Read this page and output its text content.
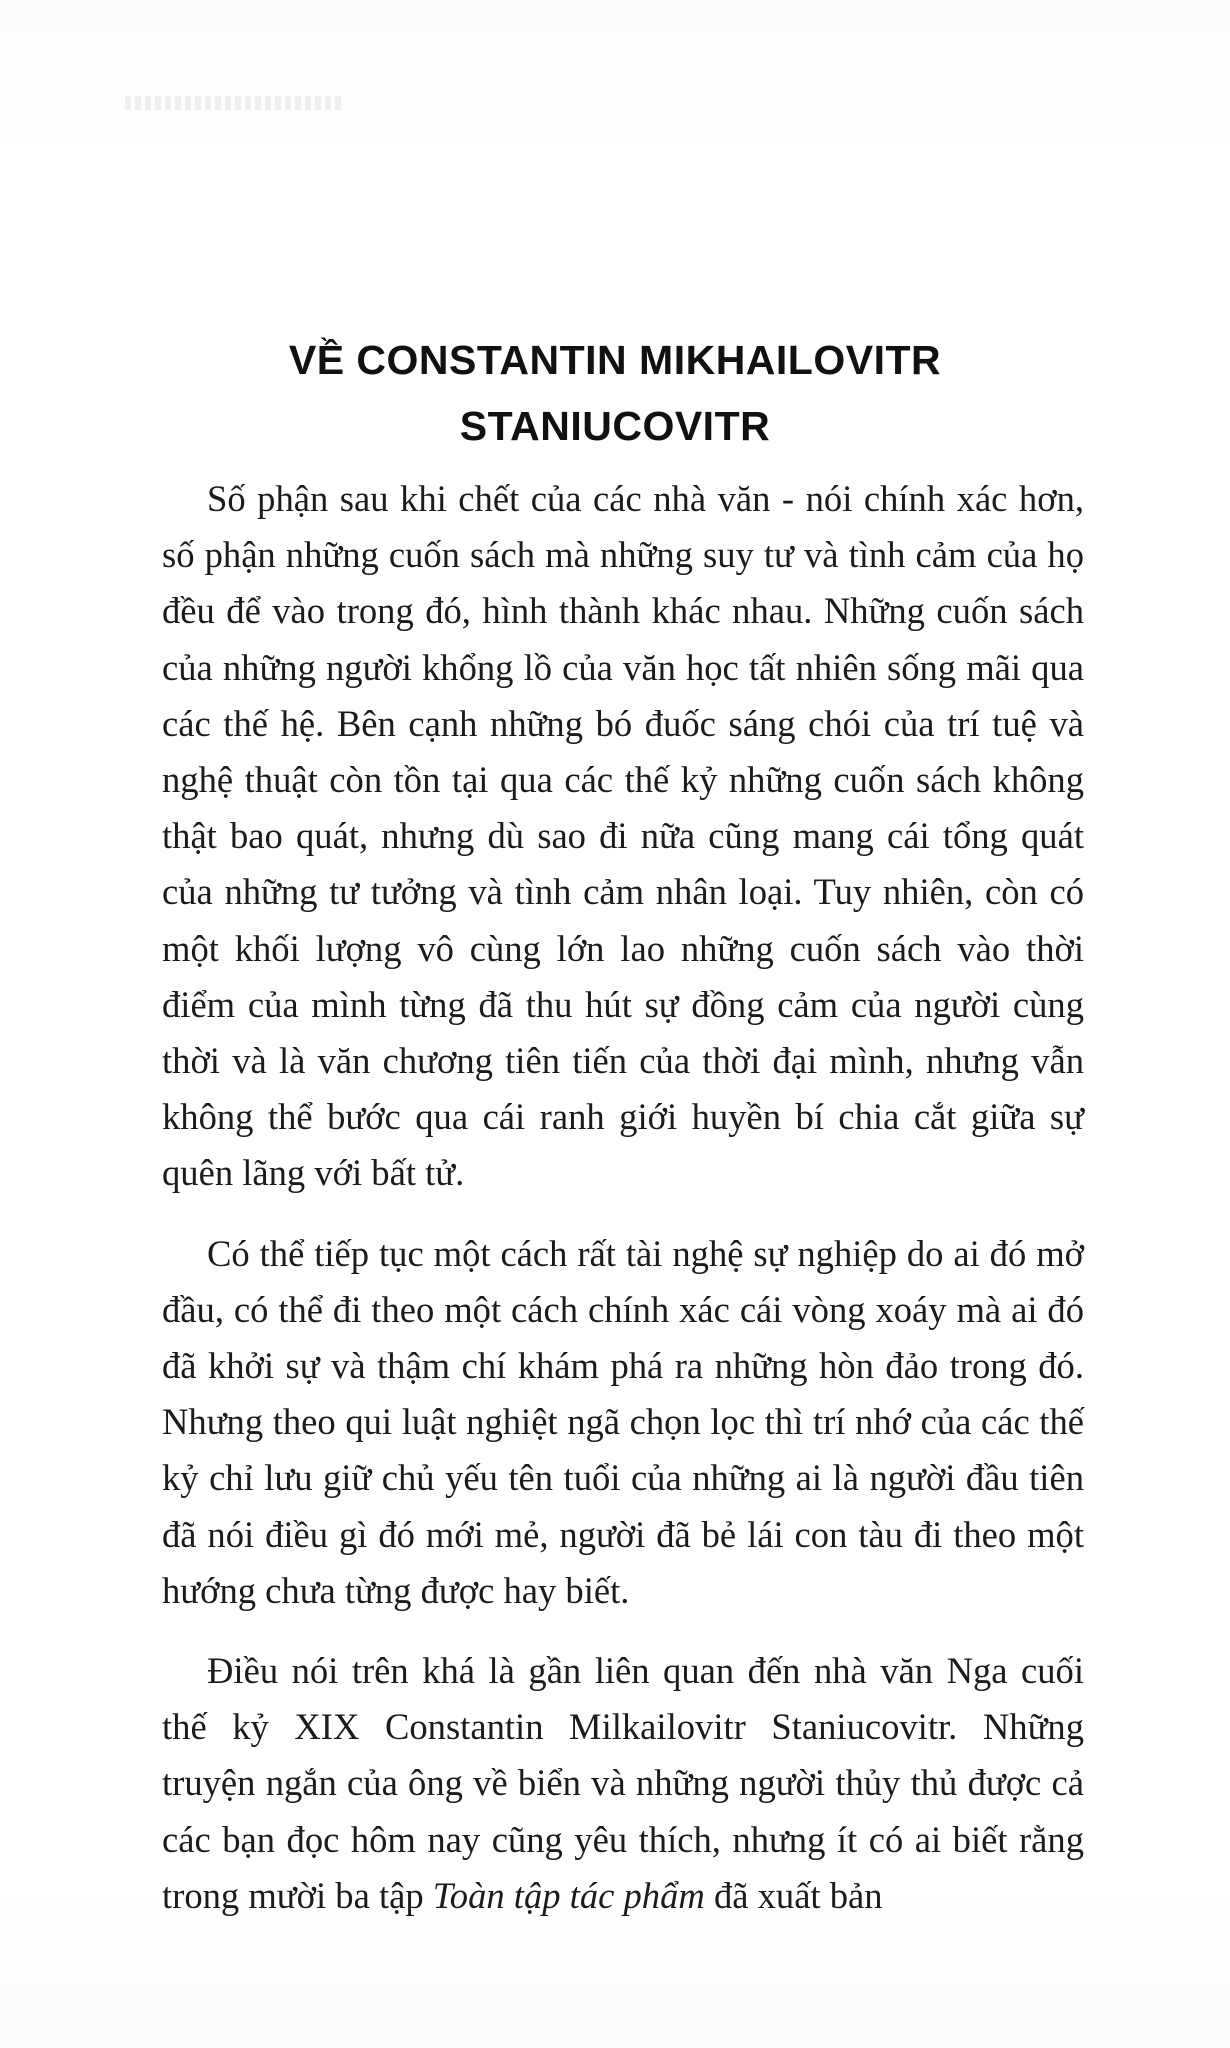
VỀ CONSTANTIN MIKHAILOVITR
STANIUCOVITR

Số phận sau khi chết của các nhà văn - nói chính xác hơn, số phận những cuốn sách mà những suy tư và tình cảm của họ đều để vào trong đó, hình thành khác nhau. Những cuốn sách của những người khổng lồ của văn học tất nhiên sống mãi qua các thế hệ. Bên cạnh những bó đuốc sáng chói của trí tuệ và nghệ thuật còn tồn tại qua các thế kỷ những cuốn sách không thật bao quát, nhưng dù sao đi nữa cũng mang cái tổng quát của những tư tưởng và tình cảm nhân loại. Tuy nhiên, còn có một khối lượng vô cùng lớn lao những cuốn sách vào thời điểm của mình từng đã thu hút sự đồng cảm của người cùng thời và là văn chương tiên tiến của thời đại mình, nhưng vẫn không thể bước qua cái ranh giới huyền bí chia cắt giữa sự quên lãng với bất tử.

Có thể tiếp tục một cách rất tài nghệ sự nghiệp do ai đó mở đầu, có thể đi theo một cách chính xác cái vòng xoáy mà ai đó đã khởi sự và thậm chí khám phá ra những hòn đảo trong đó. Nhưng theo qui luật nghiệt ngã chọn lọc thì trí nhớ của các thế kỷ chỉ lưu giữ chủ yếu tên tuổi của những ai là người đầu tiên đã nói điều gì đó mới mẻ, người đã bẻ lái con tàu đi theo một hướng chưa từng được hay biết.

Điều nói trên khá là gần liên quan đến nhà văn Nga cuối thế kỷ XIX Constantin Milkailovitr Staniucovitr. Những truyện ngắn của ông về biển và những người thủy thủ được cả các bạn đọc hôm nay cũng yêu thích, nhưng ít có ai biết rằng trong mười ba tập Toàn tập tác phẩm đã xuất bản
